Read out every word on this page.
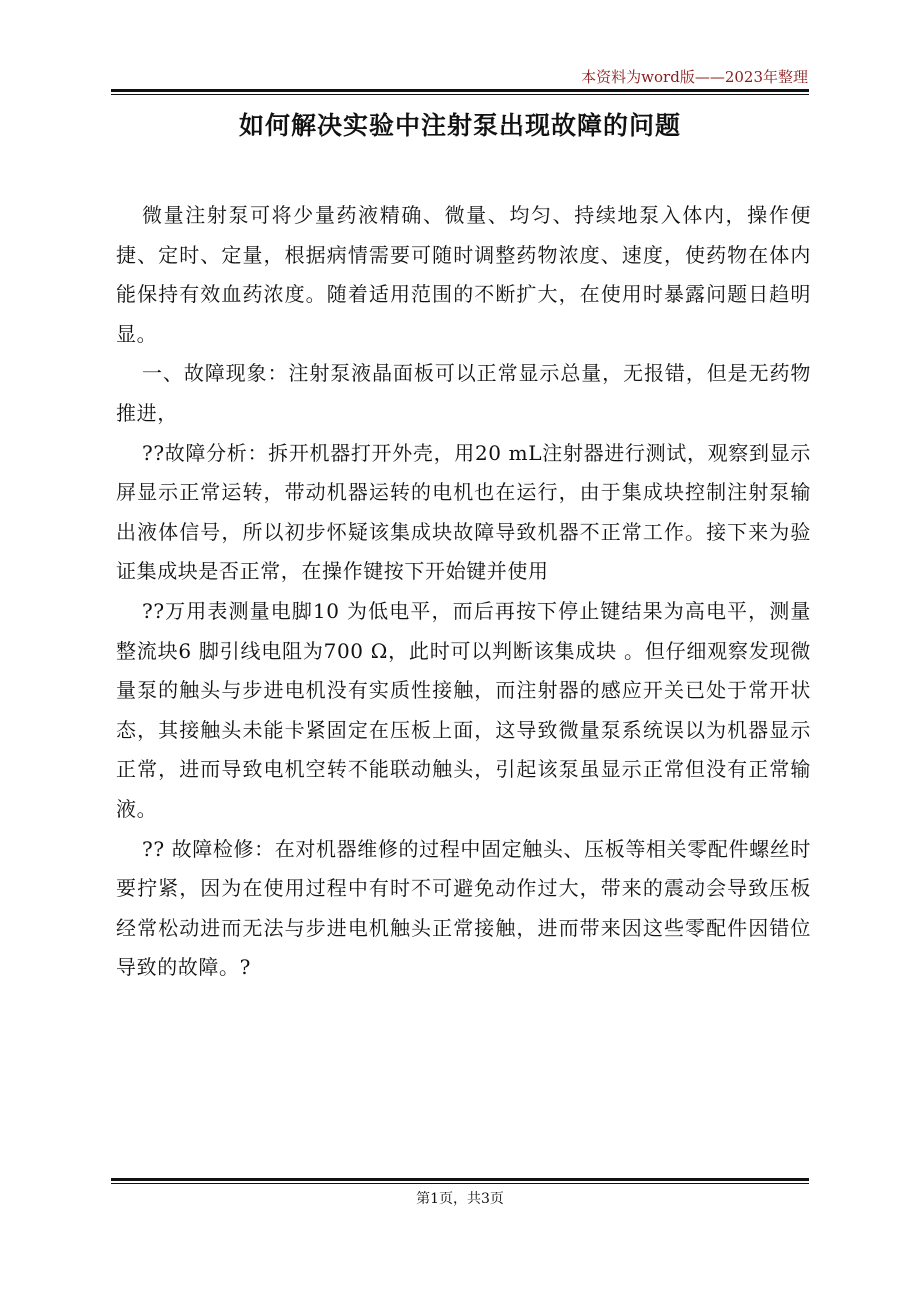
本资料为word版——2023年整理
如何解决实验中注射泵出现故障的问题

微量注射泵可将少量药液精确、微量、均匀、持续地泵入体内，操作便捷、定时、定量，根据病情需要可随时调整药物浓度、速度，使药物在体内能保持有效血药浓度。随着适用范围的不断扩大，在使用时暴露问题日趋明显。

一、故障现象：注射泵液晶面板可以正常显示总量，无报错，但是无药物推进，

??故障分析：拆开机器打开外壳，用20 mL注射器进行测试，观察到显示屏显示正常运转，带动机器运转的电机也在运行，由于集成块控制注射泵输出液体信号，所以初步怀疑该集成块故障导致机器不正常工作。接下来为验证集成块是否正常，在操作键按下开始键并使用

??万用表测量电脚10 为低电平，而后再按下停止键结果为高电平，测量整流块6 脚引线电阻为700 Ω，此时可以判断该集成块 。但仔细观察发现微量泵的触头与步进电机没有实质性接触，而注射器的感应开关已处于常开状态，其接触头未能卡紧固定在压板上面，这导致微量泵系统误以为机器显示正常，进而导致电机空转不能联动触头，引起该泵虽显示正常但没有正常输液。

?? 故障检修：在对机器维修的过程中固定触头、压板等相关零配件螺丝时要拧紧，因为在使用过程中有时不可避免动作过大，带来的震动会导致压板经常松动进而无法与步进电机触头正常接触，进而带来因这些零配件因错位导致的故障。?

第1页，共3页
